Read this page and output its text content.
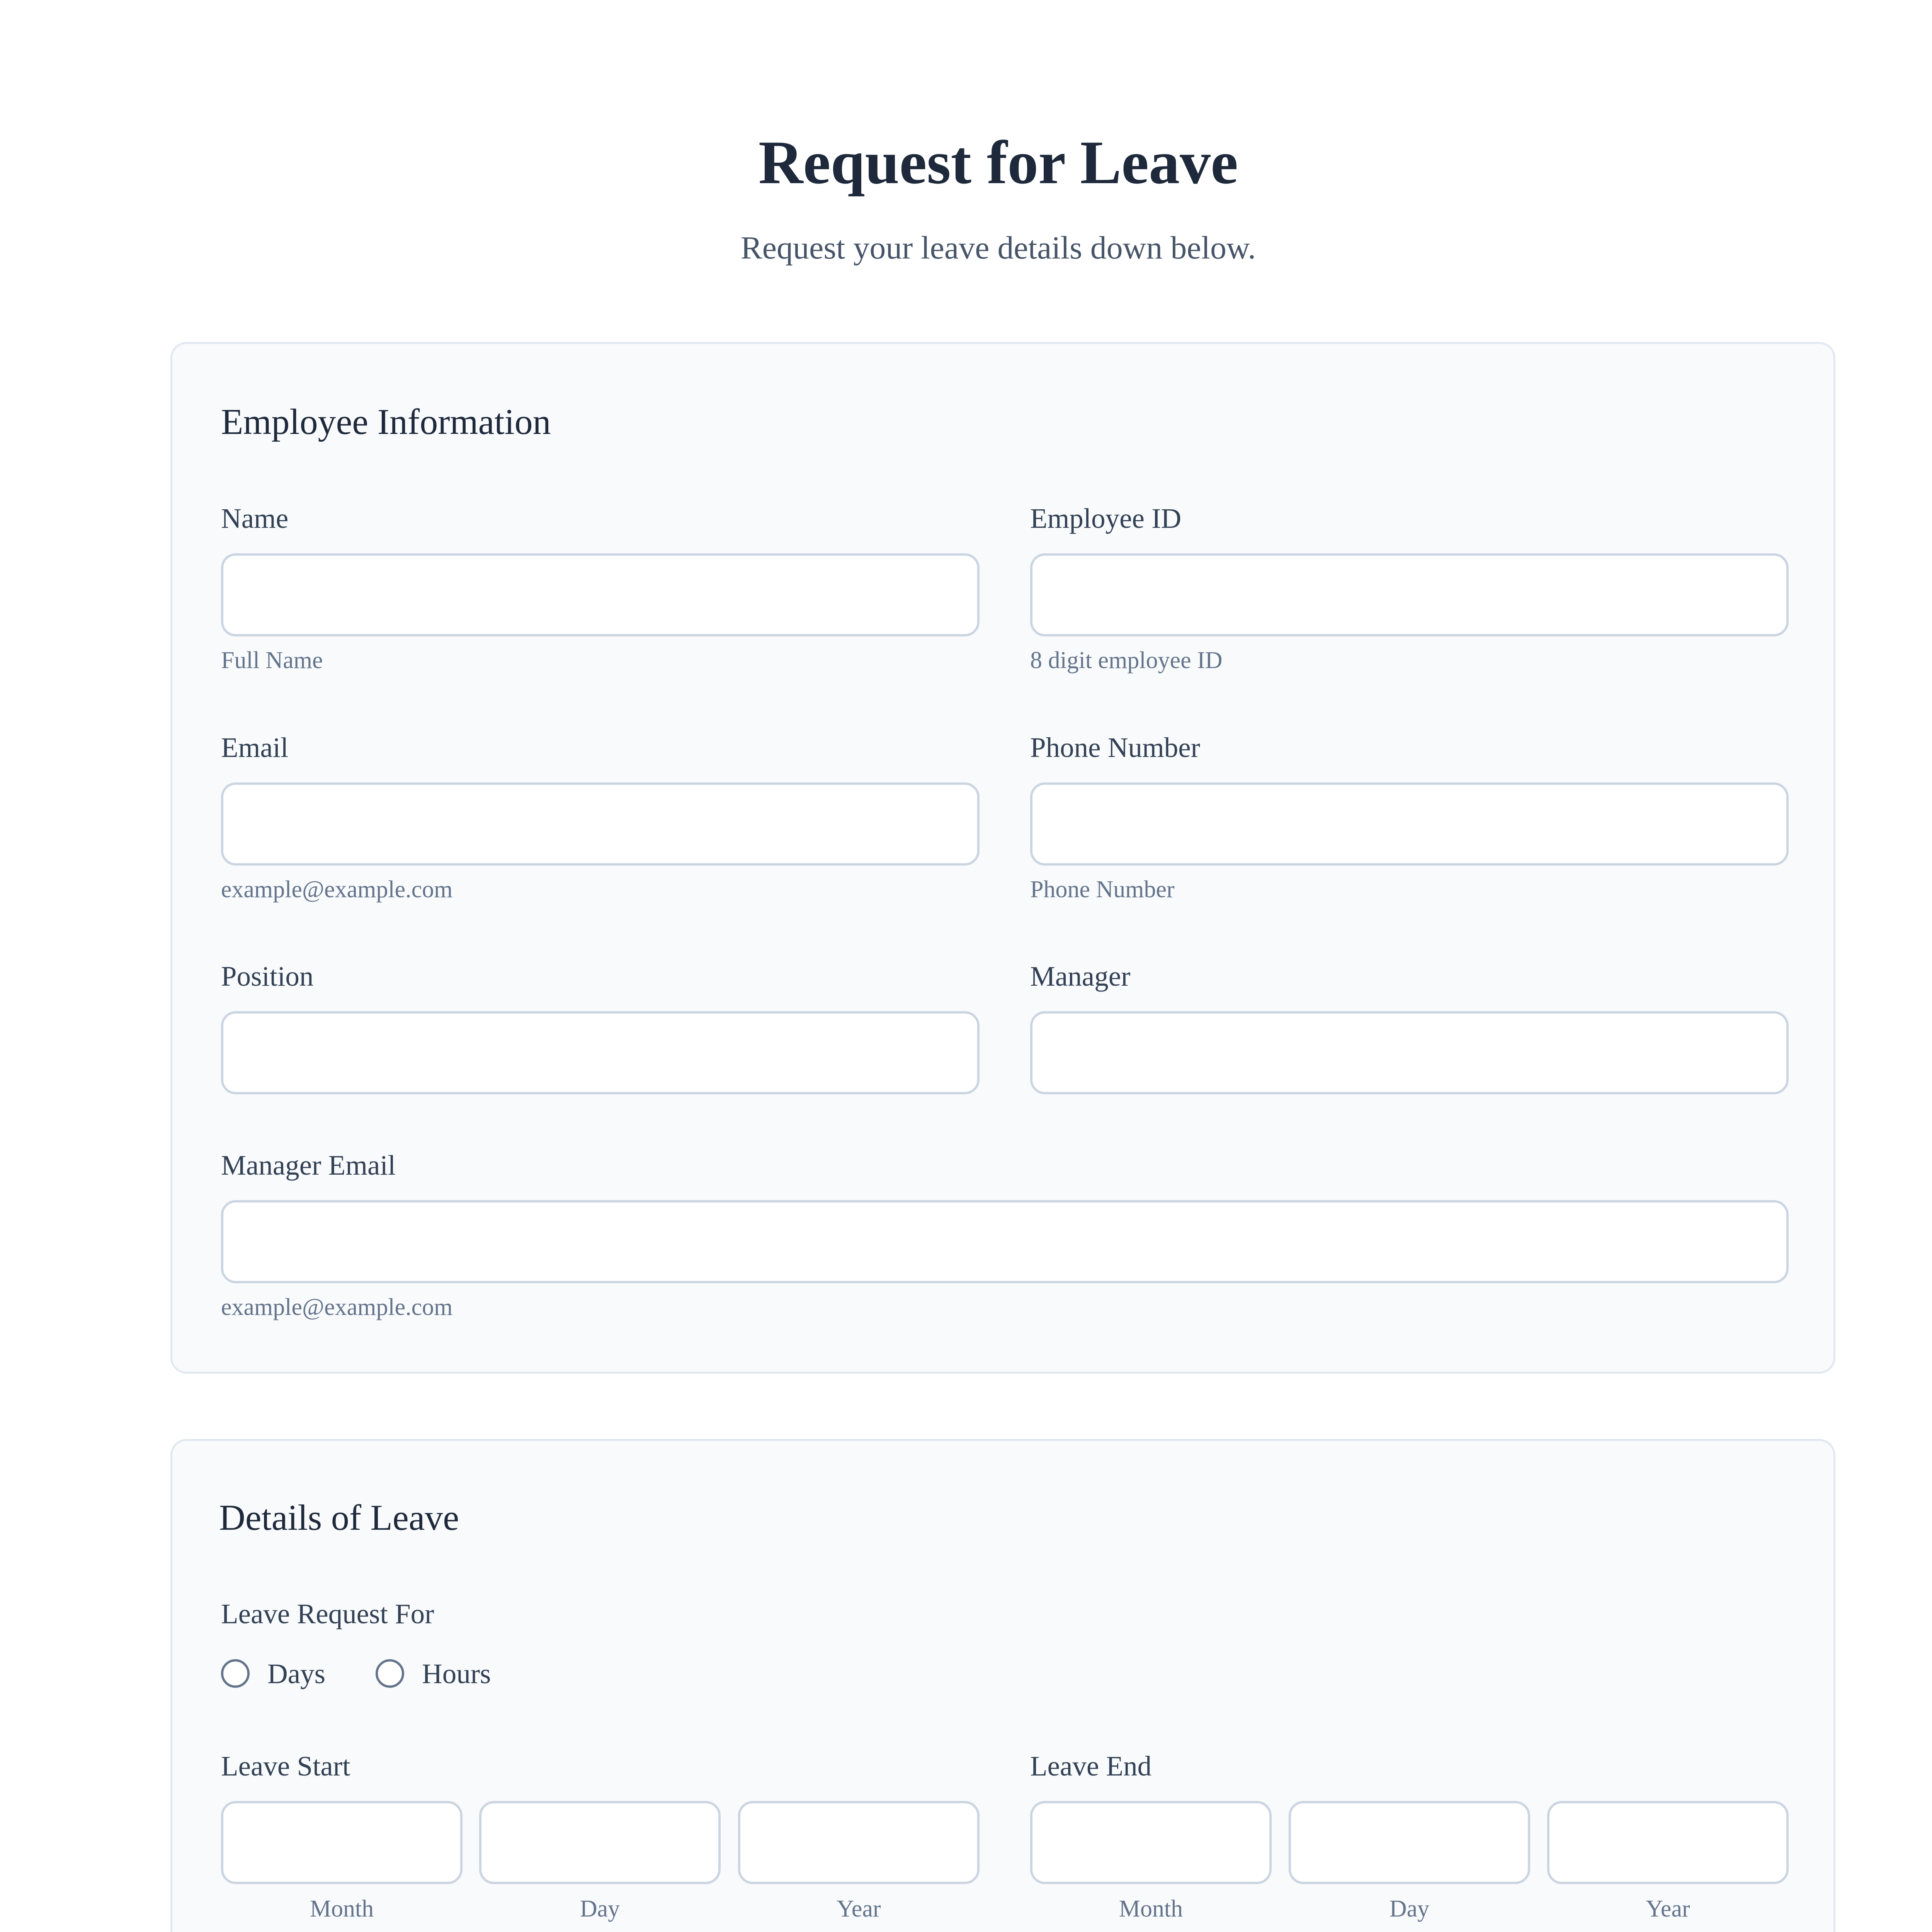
Request for Leave
Request your leave details down below.
Employee Information
Name
Full Name
Employee ID
8 digit employee ID
Email
example@example.com
Phone Number
Phone Number
Position	Manager
Manager Email
example@example.com
Details of Leave
Leave Request For
Days	Hours
Leave Start
Month	Day	Year
Leave End
Month	Day	Year
